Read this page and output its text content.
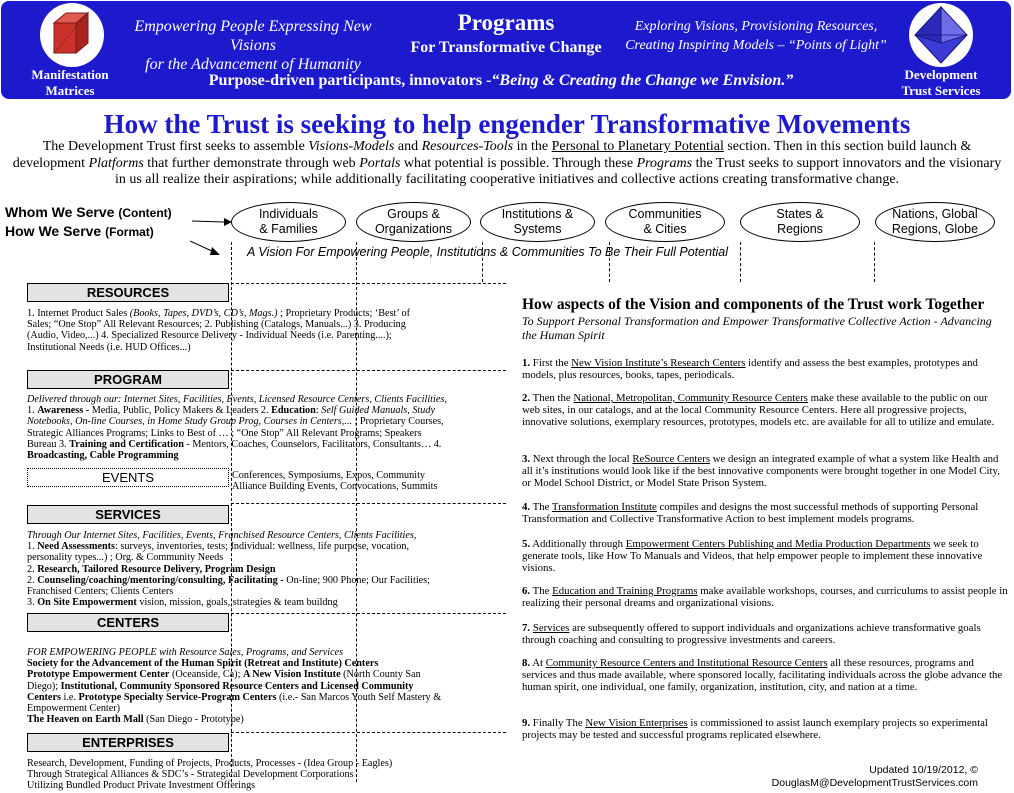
Empowering People Expressing New Visions
for the Advancement of Humanity
Programs
For Transformative Change
Exploring Visions, Provisioning Resources,
Creating Inspiring Models – “Points of Light”
Manifestation
Matrices
Purpose-driven participants, innovators -“Being & Creating the Change we Envision.”	Development
Trust Services
How the Trust is seeking to help engender Transformative Movements
The Development Trust first seeks to assemble Visions-Models and Resources-Tools in the Personal to Planetary Potential section. Then in this section build launch & development Platforms that further demonstrate through web Portals what potential is possible. Through these Programs the Trust seeks to support innovators and the visionary in us all realize their aspirations; while additionally facilitating cooperative initiatives and collective actions creating transformative change.
Whom We Serve (Content)
How We Serve (Format)
Individuals
& Families
Groups &
Organizations
Institutions &
Systems
Communities
& Cities
States &
Regions
Nations, Global
Regions, Globe
A Vision For Empowering People, Institutions & Communities To Be Their Full Potential
RESOURCES
1. Internet Product Sales (Books, Tapes, DVD’s, CD’s, Mags.) ; Proprietary Products; ‘Best’ of Sales; “One Stop” All Relevant Resources; 2. Publishing (Catalogs, Manuals...) 3. Producing (Audio, Video,...) 4. Specialized Resource Delivery - Individual Needs (i.e. Parenting....); Institutional Needs (i.e. HUD Offices...)
PROGRAM
Delivered through our: Internet Sites, Facilities, Events, Licensed Resource Centers, Clients Facilities, 1. Awareness - Media, Public, Policy Makers & Leaders 2. Education: Self Guided Manuals, Study Notebooks, On-line Courses, in Home Study Group Prog, Courses in Centers,... ; Proprietary Courses, Strategic Alliances Programs; Links to Best of … ; “One Stop” All Relevant Programs; Speakers Bureau 3. Training and Certification - Mentors, Coaches, Counselors, Facilitators, Consultants… 4. Broadcasting, Cable Programming
EVENTS	Conferences, Symposiums, Expos, Community Alliance Building Events, Convocations, Summits
SERVICES
Through Our Internet Sites, Facilities, Events, Franchised Resource Centers, Clients Facilities,
1. Need Assessments: surveys, inventories, tests; Individual: wellness, life purpose, vocation, personality types...) ; Org. & Community Needs
2. Research, Tailored Resource Delivery, Program Design
2. Counseling/coaching/mentoring/consulting, Facilitating - On-line; 900 Phone; Our Facilities; Franchised Centers; Clients Centers
3. On Site Empowerment vision, mission, goals, strategies & team buildng
CENTERS
FOR EMPOWERING PEOPLE with Resource Sales, Programs, and Services
Society for the Advancement of the Human Spirit (Retreat and Institute) Centers
Prototype Empowerment Center (Oceanside, Ca); A New Vision Institute (North County San Diego); Institutional, Community Sponsored Resource Centers and Licensed Community Centers i.e. Prototype Specialty Service-Program Centers (i.e.- San Marcos Youth Self Mastery & Empowerment Center)
The Heaven on Earth Mall (San Diego - Prototype)
ENTERPRISES
Research, Development, Funding of Projects, Products, Processes - (Idea Group - Eagles)
Through Strategical Alliances & SDC’s - Strategical Development Corporations
Utilizing Bundled Product Private Investment Offerings
How aspects of the Vision and components of the Trust work Together
To Support Personal Transformation and Empower Transformative Collective Action - Advancing the Human Spirit
1. First the New Vision Institute’s Research Centers identify and assess the best examples, prototypes and models, plus resources, books, tapes, periodicals.
2. Then the National, Metropolitan, Community Resource Centers make these available to the public on our web sites, in our catalogs, and at the local Community Resource Centers. Here all progressive projects, innovative solutions, exemplary resources, prototypes, models etc. are available for all to utilize and emulate.
3. Next through the local ReSource Centers we design an integrated example of what a system like Health and all it’s institutions would look like if the best innovative components were brought together in one Model City, or Model School District, or Model State Prison System.
4. The Transformation Institute compiles and designs the most successful methods of supporting Personal Transformation and Collective Transformative Action to best implement models programs.
5. Additionally through Empowerment Centers Publishing and Media Production Departments we seek to generate tools, like How To Manuals and Videos, that help empower people to implement these innovative visions.
6. The Education and Training Programs make available workshops, courses, and curriculums to assist people in realizing their personal dreams and organizational visions.
7. Services are subsequently offered to support individuals and organizations achieve transformative goals through coaching and consulting to progressive investments and careers.
8. At Community Resource Centers and Institutional Resource Centers all these resources, programs and services and thus made available, where sponsored locally, facilitating individuals across the globe advance the human spirit, one individual, one family, organization, institution, city, and nation at a time.
9. Finally The New Vision Enterprises is commissioned to assist launch exemplary projects so experimental projects may be tested and successful programs replicated elsewhere.
Updated 10/19/2012, ©
DouglasM@DevelopmentTrustServices.com
